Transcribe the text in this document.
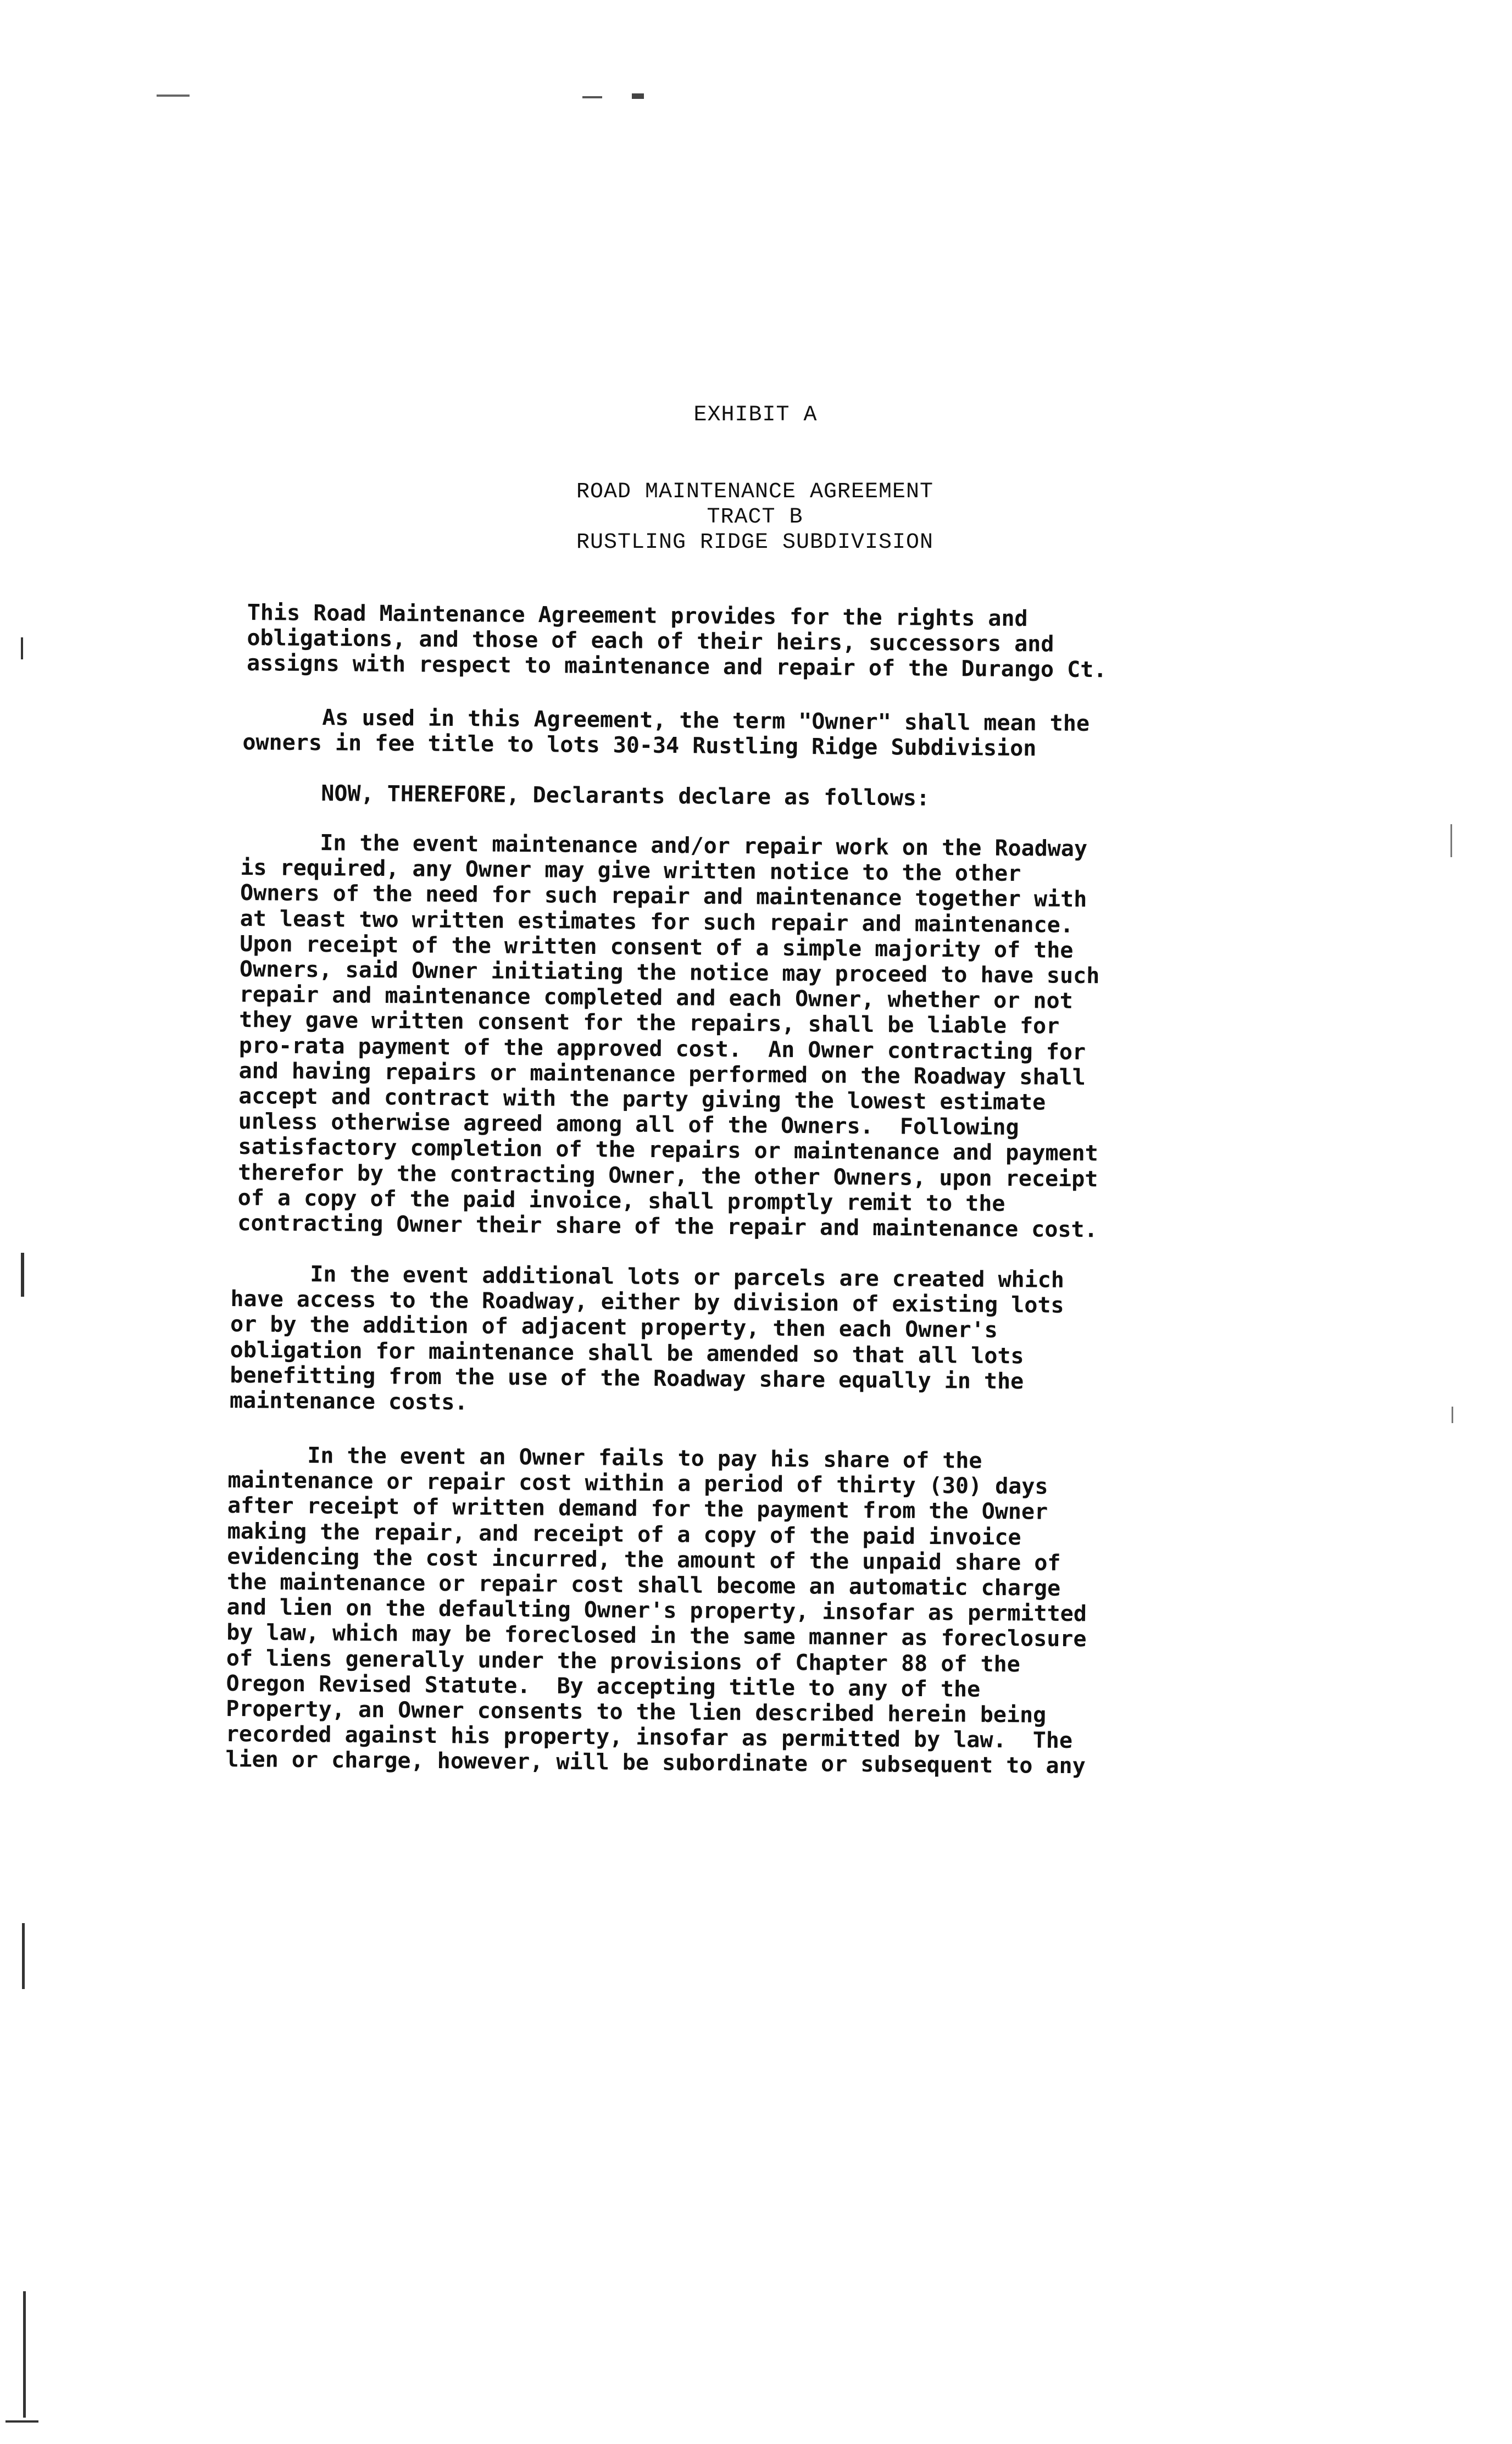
EXHIBIT A
ROAD MAINTENANCE AGREEMENT
TRACT B
RUSTLING RIDGE SUBDIVISION
This Road Maintenance Agreement provides for the rights and
obligations, and those of each of their heirs, successors and
assigns with respect to maintenance and repair of the Durango Ct.
As used in this Agreement, the term "Owner" shall mean the
owners in fee title to lots 30-34 Rustling Ridge Subdivision
NOW, THEREFORE, Declarants declare as follows:
In the event maintenance and/or repair work on the Roadway
is required, any Owner may give written notice to the other
Owners of the need for such repair and maintenance together with
at least two written estimates for such repair and maintenance.
Upon receipt of the written consent of a simple majority of the
Owners, said Owner initiating the notice may proceed to have such
repair and maintenance completed and each Owner, whether or not
they gave written consent for the repairs, shall be liable for
pro-rata payment of the approved cost.  An Owner contracting for
and having repairs or maintenance performed on the Roadway shall
accept and contract with the party giving the lowest estimate
unless otherwise agreed among all of the Owners.  Following
satisfactory completion of the repairs or maintenance and payment
therefor by the contracting Owner, the other Owners, upon receipt
of a copy of the paid invoice, shall promptly remit to the
contracting Owner their share of the repair and maintenance cost.
In the event additional lots or parcels are created which
have access to the Roadway, either by division of existing lots
or by the addition of adjacent property, then each Owner's
obligation for maintenance shall be amended so that all lots
benefitting from the use of the Roadway share equally in the
maintenance costs.
In the event an Owner fails to pay his share of the
maintenance or repair cost within a period of thirty (30) days
after receipt of written demand for the payment from the Owner
making the repair, and receipt of a copy of the paid invoice
evidencing the cost incurred, the amount of the unpaid share of
the maintenance or repair cost shall become an automatic charge
and lien on the defaulting Owner's property, insofar as permitted
by law, which may be foreclosed in the same manner as foreclosure
of liens generally under the provisions of Chapter 88 of the
Oregon Revised Statute.  By accepting title to any of the
Property, an Owner consents to the lien described herein being
recorded against his property, insofar as permitted by law.  The
lien or charge, however, will be subordinate or subsequent to any
